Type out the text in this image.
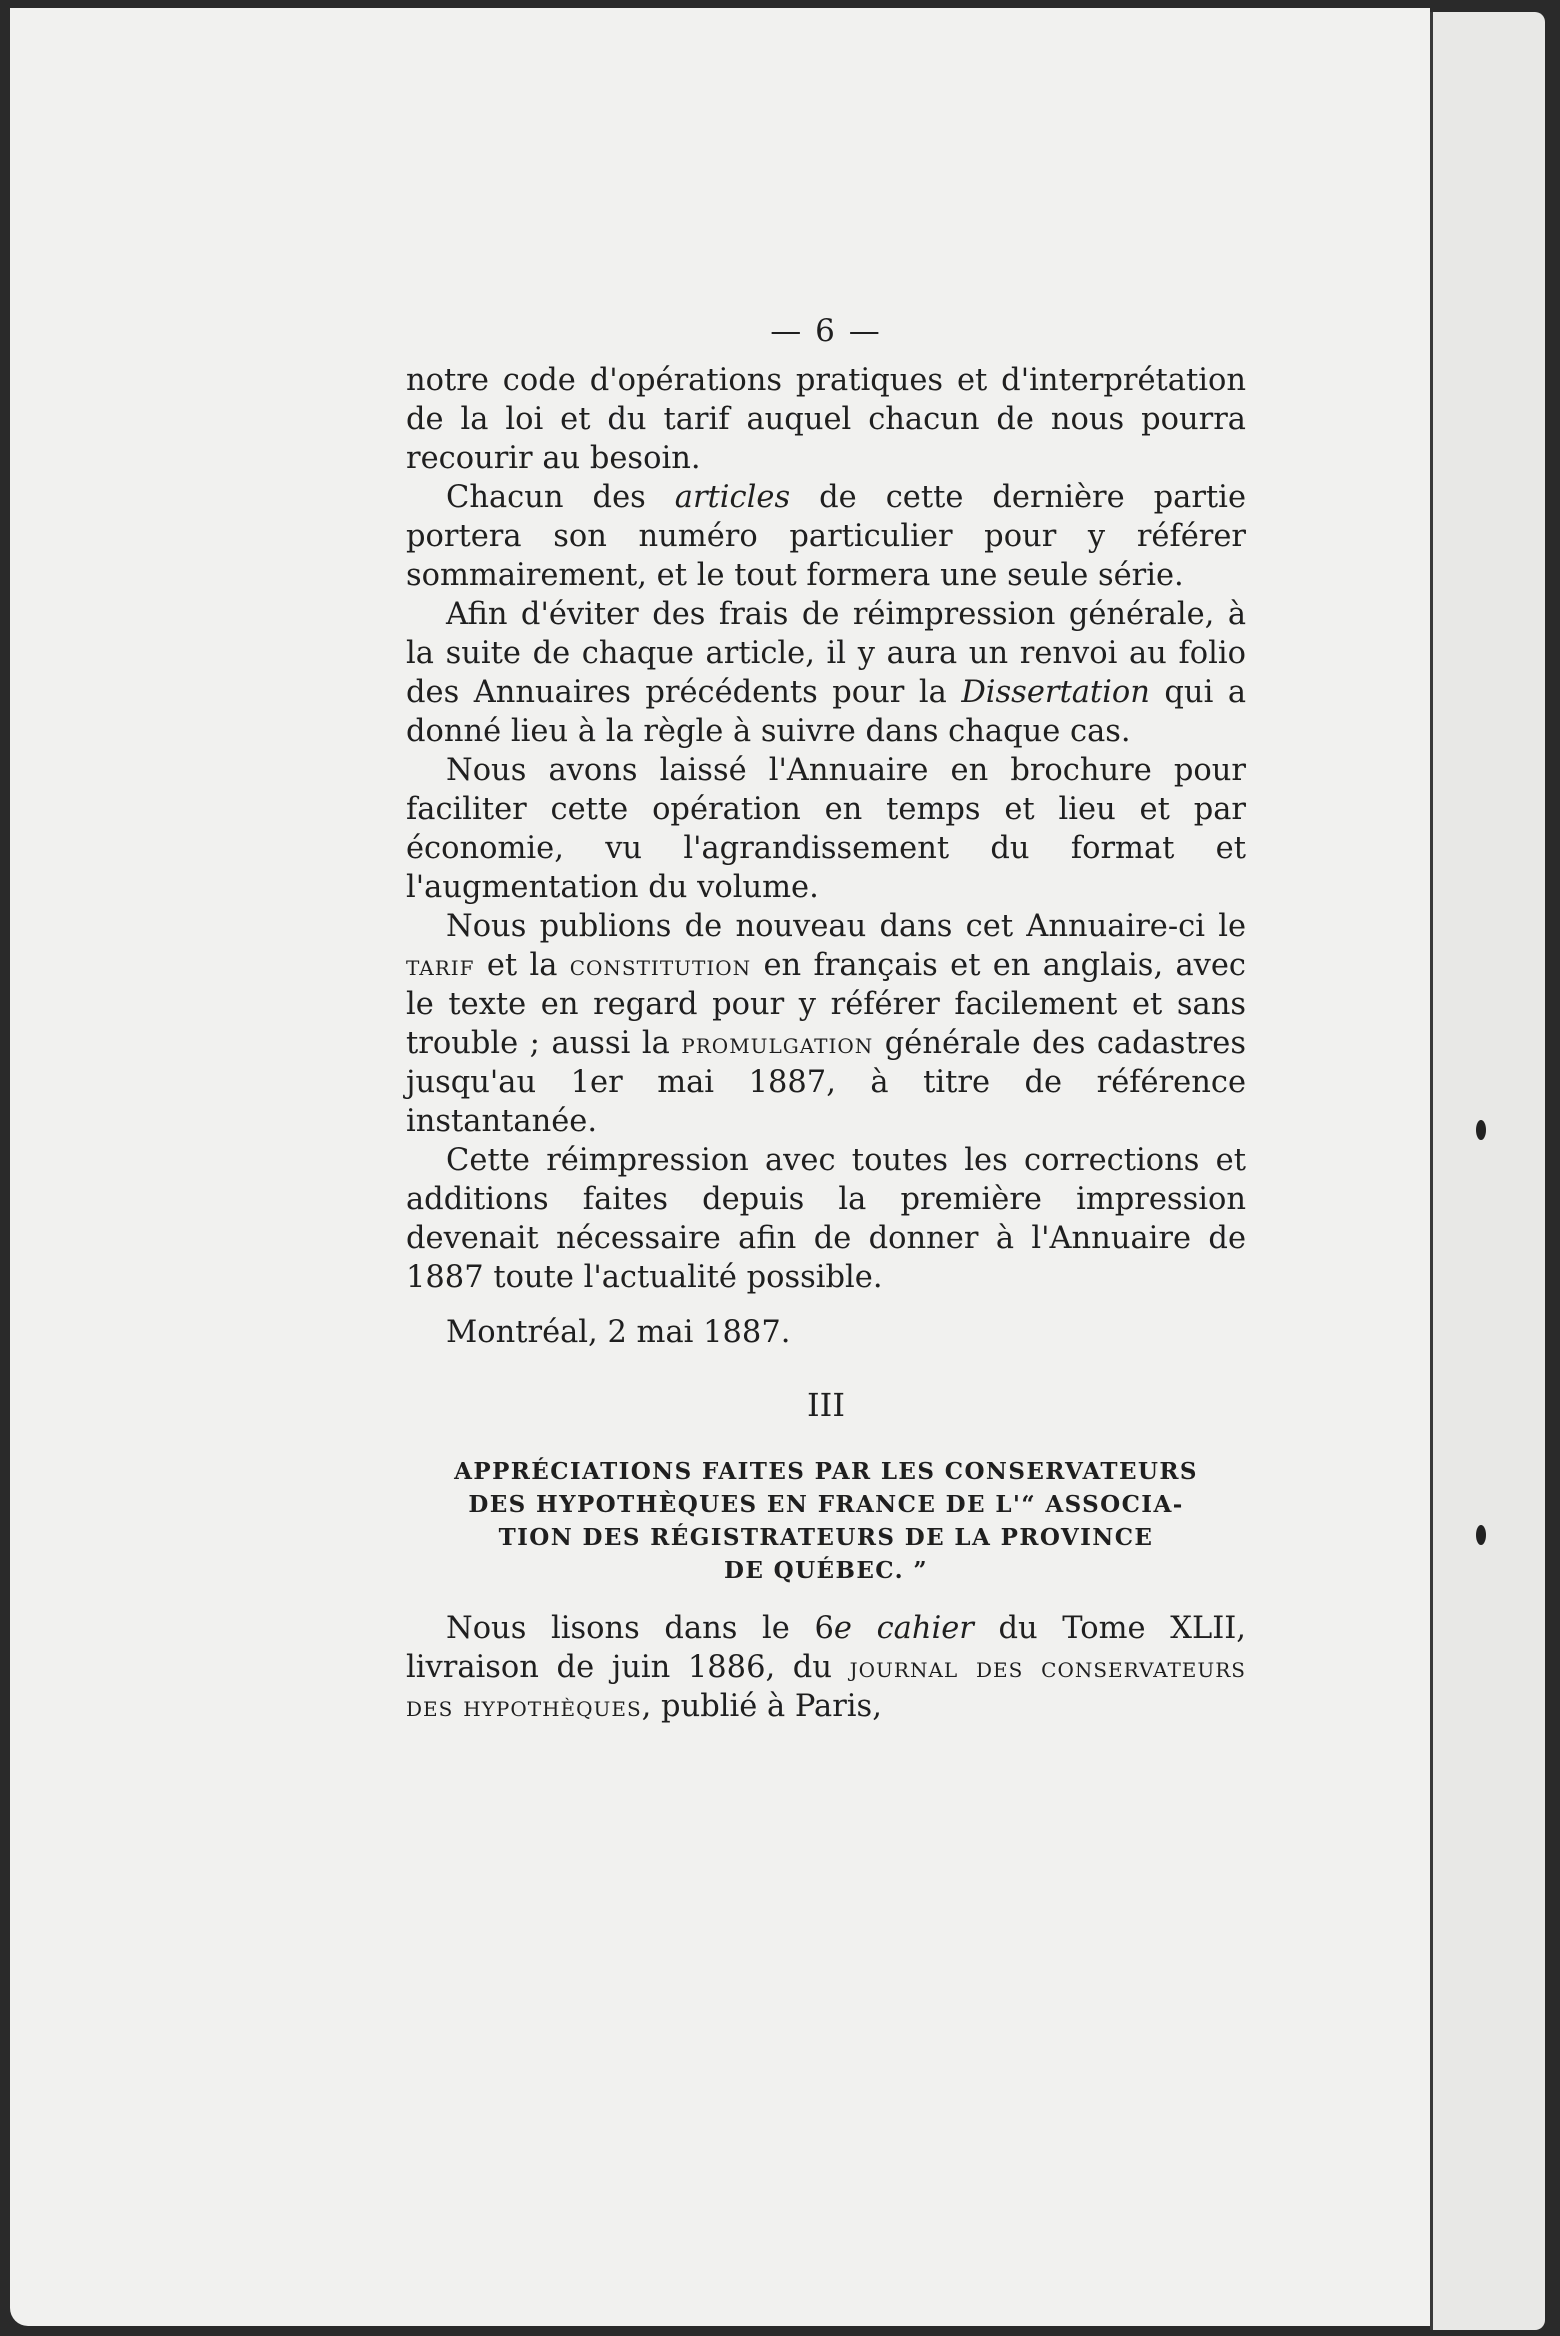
— 6 —

notre code d'opérations pratiques et d'interprétation de la loi et du tarif auquel chacun de nous pourra recourir au besoin.

Chacun des articles de cette dernière partie portera son numéro particulier pour y référer sommairement, et le tout formera une seule série.

Afin d'éviter des frais de réimpression générale, à la suite de chaque article, il y aura un renvoi au folio des Annuaires précédents pour la Dissertation qui a donné lieu à la règle à suivre dans chaque cas.

Nous avons laissé l'Annuaire en brochure pour faciliter cette opération en temps et lieu et par économie, vu l'agrandissement du format et l'augmentation du volume.

Nous publions de nouveau dans cet Annuaire-ci le tarif et la constitution en français et en anglais, avec le texte en regard pour y référer facilement et sans trouble ; aussi la promulgation générale des cadastres jusqu'au 1er mai 1887, à titre de référence instantanée.

Cette réimpression avec toutes les corrections et additions faites depuis la première impression devenait nécessaire afin de donner à l'Annuaire de 1887 toute l'actualité possible.

Montréal, 2 mai 1887.

III
APPRÉCIATIONS FAITES PAR LES CONSERVATEURS
DES HYPOTHÈQUES EN FRANCE DE L'“ ASSOCIA-
TION DES RÉGISTRATEURS DE LA PROVINCE
DE QUÉBEC. ”

Nous lisons dans le 6e cahier du Tome XLII, livraison de juin 1886, du journal des conservateurs des hypothèques, publié à Paris,
